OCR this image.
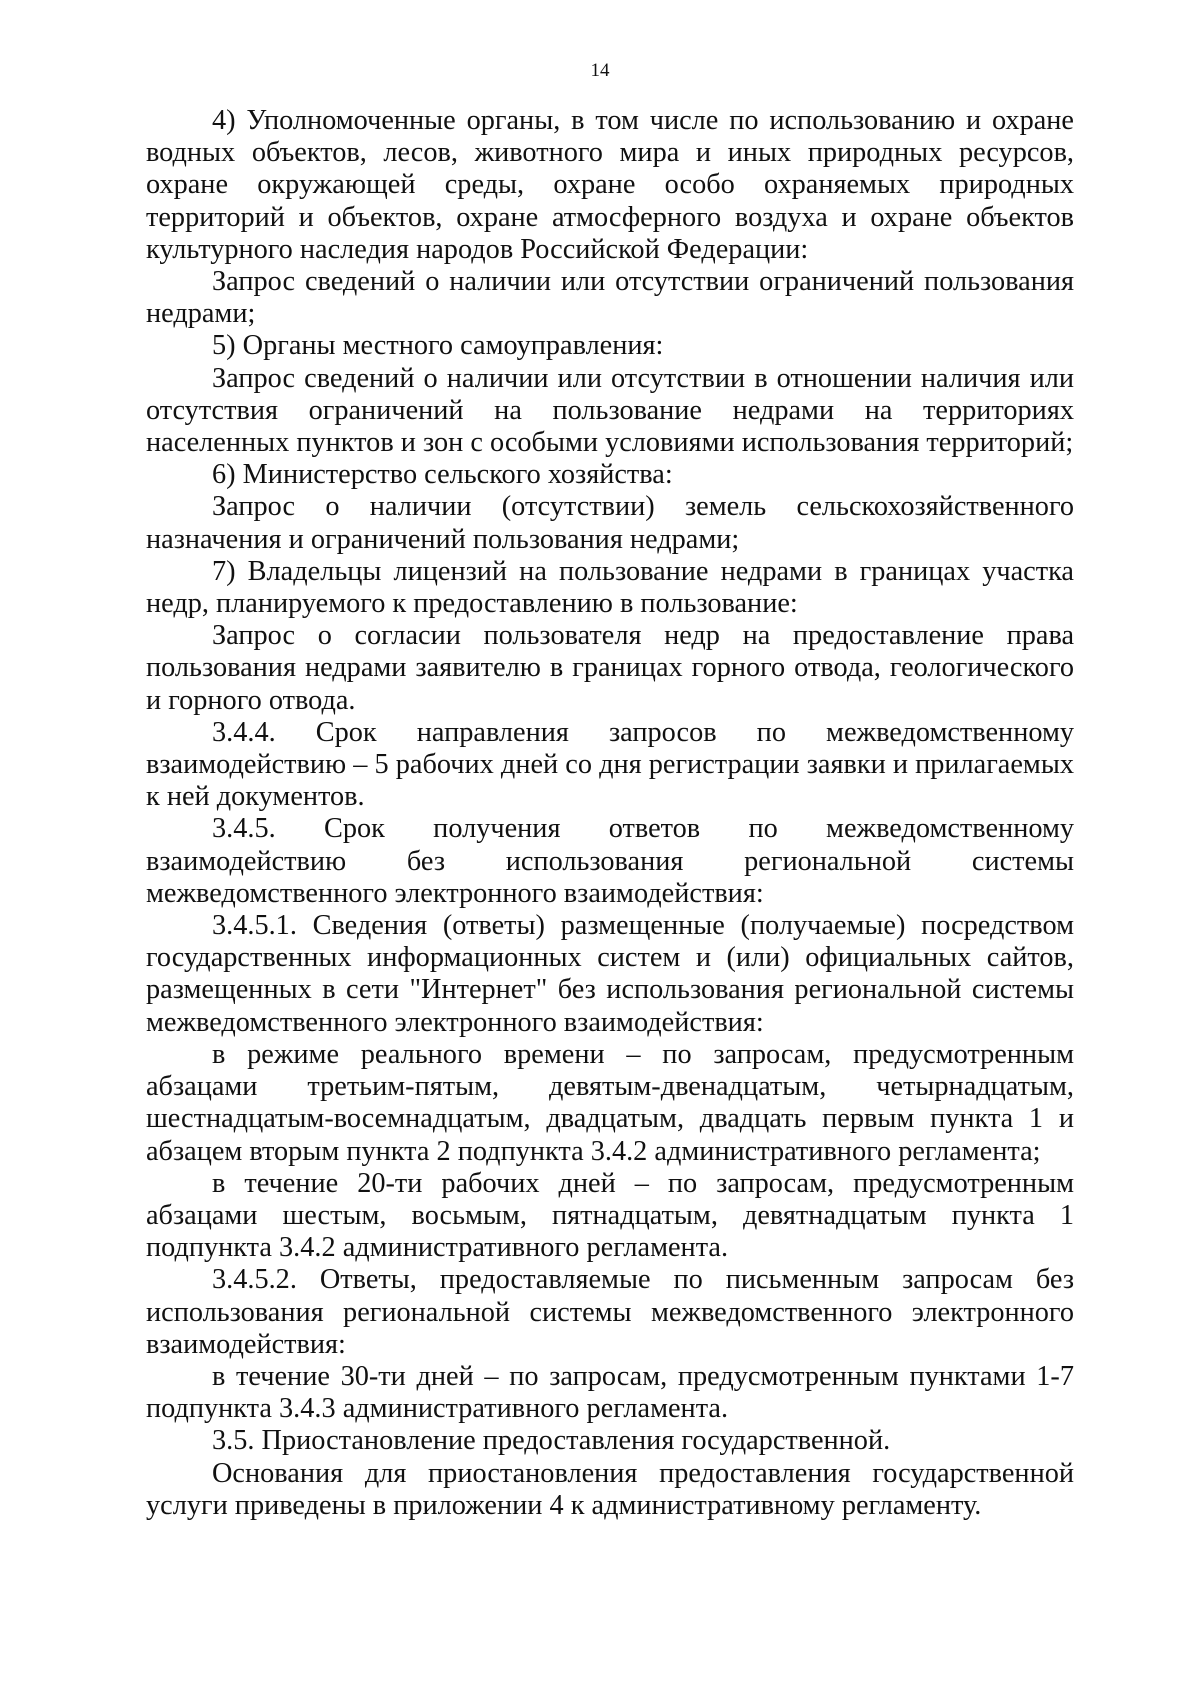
14

4) Уполномоченные органы, в том числе по использованию и охране водных объектов, лесов, животного мира и иных природных ресурсов, охране окружающей среды, охране особо охраняемых природных территорий и объектов, охране атмосферного воздуха и охране объектов культурного наследия народов Российской Федерации:

Запрос сведений о наличии или отсутствии ограничений пользования недрами;

5) Органы местного самоуправления:

Запрос сведений о наличии или отсутствии в отношении наличия или отсутствия ограничений на пользование недрами на территориях населенных пунктов и зон с особыми условиями использования территорий;

6) Министерство сельского хозяйства:

Запрос о наличии (отсутствии) земель сельскохозяйственного назначения и ограничений пользования недрами;

7) Владельцы лицензий на пользование недрами в границах участка недр, планируемого к предоставлению в пользование:

Запрос о согласии пользователя недр на предоставление права пользования недрами заявителю в границах горного отвода, геологического и горного отвода.

3.4.4. Срок направления запросов по межведомственному взаимодействию – 5 рабочих дней со дня регистрации заявки и прилагаемых к ней документов.

3.4.5. Срок получения ответов по межведомственному взаимодействию без использования региональной системы межведомственного электронного взаимодействия:

3.4.5.1. Сведения (ответы) размещенные (получаемые) посредством государственных информационных систем и (или) официальных сайтов, размещенных в сети "Интернет" без использования региональной системы межведомственного электронного взаимодействия:

в режиме реального времени – по запросам, предусмотренным абзацами третьим-пятым, девятым-двенадцатым, четырнадцатым, шестнадцатым-восемнадцатым, двадцатым, двадцать первым пункта 1 и абзацем вторым пункта 2 подпункта 3.4.2 административного регламента;

в течение 20-ти рабочих дней – по запросам, предусмотренным абзацами шестым, восьмым, пятнадцатым, девятнадцатым пункта 1 подпункта 3.4.2 административного регламента.

3.4.5.2. Ответы, предоставляемые по письменным запросам без использования региональной системы межведомственного электронного взаимодействия:

в течение 30-ти дней – по запросам, предусмотренным пунктами 1-7 подпункта 3.4.3 административного регламента.

3.5. Приостановление предоставления государственной.

Основания для приостановления предоставления государственной услуги приведены в приложении 4 к административному регламенту.
